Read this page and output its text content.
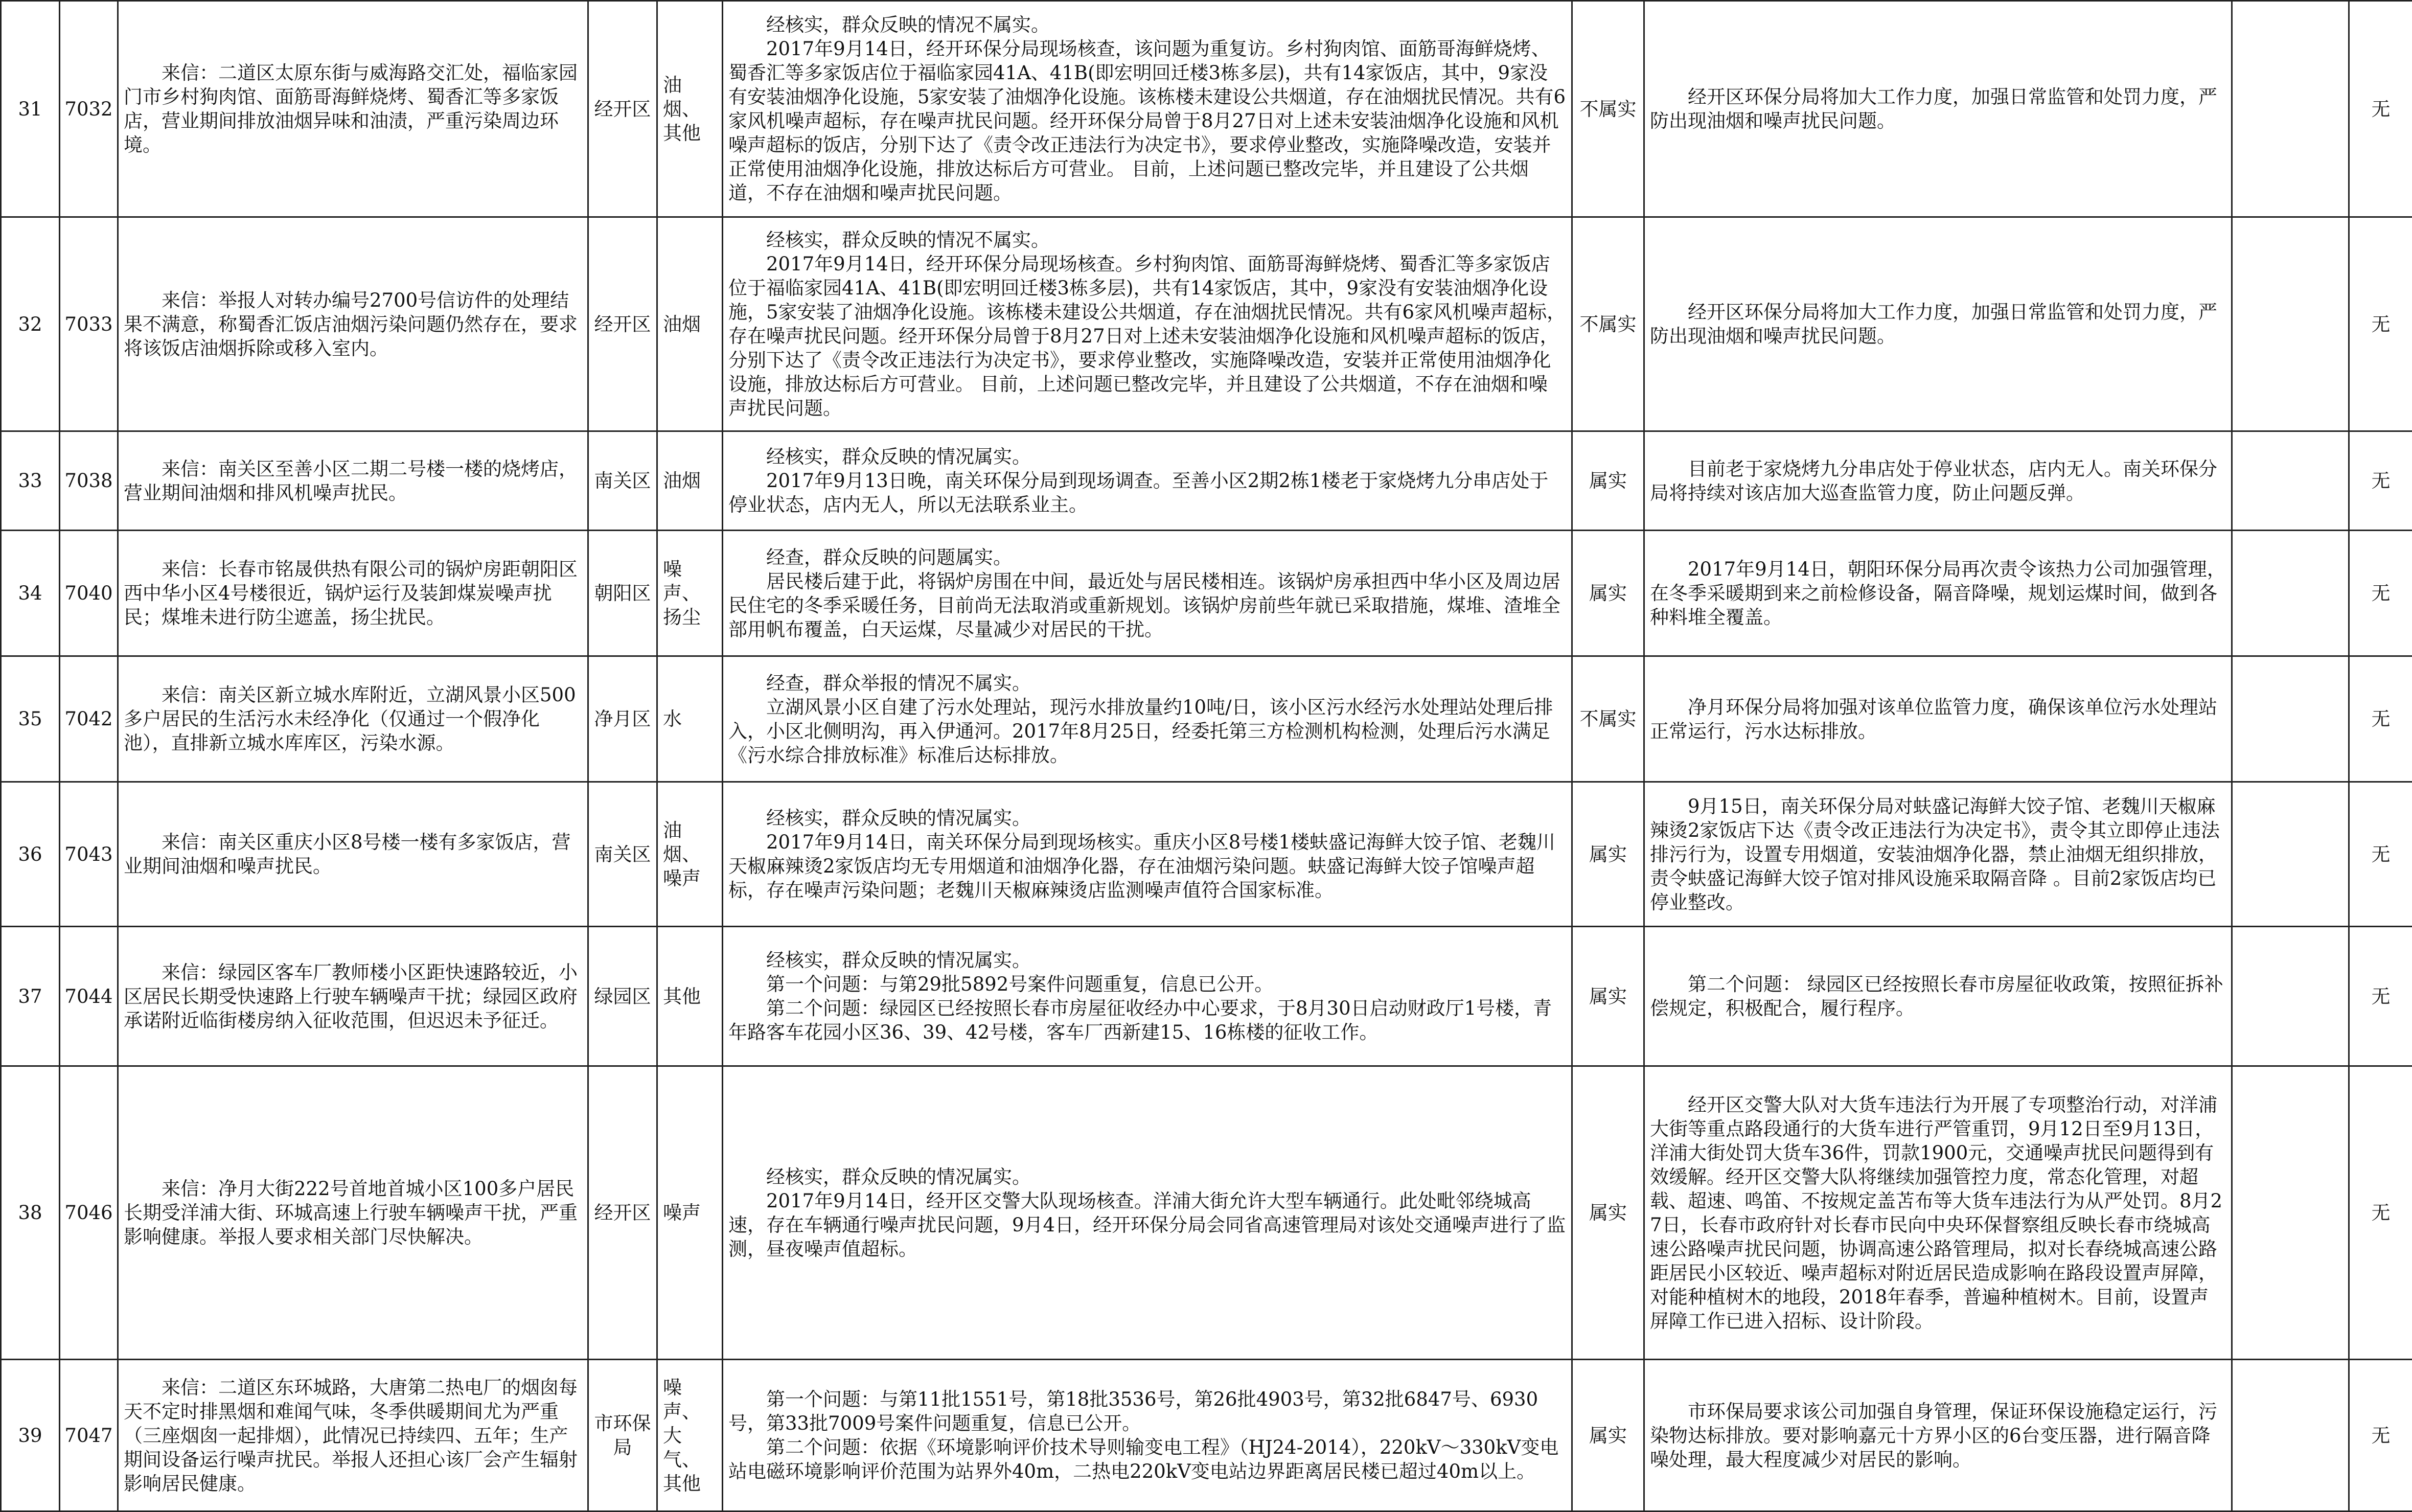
31	7032	来信：二道区太原东街与威海路交汇处，福临家园门市乡村狗肉馆、面筋哥海鲜烧烤、蜀香汇等多家饭店，营业期间排放油烟异味和油渍，严重污染周边环境。	经开区	油烟、其他	经核实，群众反映的情况不属实。

2017年9月14日，经开环保分局现场核查，该问题为重复访。乡村狗肉馆、面筋哥海鲜烧烤、蜀香汇等多家饭店位于福临家园41A、41B(即宏明回迁楼3栋多层)，共有14家饭店，其中，9家没有安装油烟净化设施，5家安装了油烟净化设施。该栋楼未建设公共烟道，存在油烟扰民情况。共有6家风机噪声超标，存在噪声扰民问题。经开环保分局曾于8月27日对上述未安装油烟净化设施和风机噪声超标的饭店，分别下达了《责令改正违法行为决定书》，要求停业整改，实施降噪改造，安装并正常使用油烟净化设施，排放达标后方可营业。 目前，上述问题已整改完毕，并且建设了公共烟道，不存在油烟和噪声扰民问题。	不属实	经开区环保分局将加大工作力度，加强日常监管和处罚力度，严防出现油烟和噪声扰民问题。		无
32	7033	来信：举报人对转办编号2700号信访件的处理结果不满意，称蜀香汇饭店油烟污染问题仍然存在，要求将该饭店油烟拆除或移入室内。	经开区	油烟	经核实，群众反映的情况不属实。

2017年9月14日，经开环保分局现场核查。乡村狗肉馆、面筋哥海鲜烧烤、蜀香汇等多家饭店位于福临家园41A、41B(即宏明回迁楼3栋多层)，共有14家饭店，其中，9家没有安装油烟净化设施，5家安装了油烟净化设施。该栋楼未建设公共烟道，存在油烟扰民情况。共有6家风机噪声超标，存在噪声扰民问题。经开环保分局曾于8月27日对上述未安装油烟净化设施和风机噪声超标的饭店，分别下达了《责令改正违法行为决定书》，要求停业整改，实施降噪改造，安装并正常使用油烟净化设施，排放达标后方可营业。 目前，上述问题已整改完毕，并且建设了公共烟道，不存在油烟和噪声扰民问题。	不属实	经开区环保分局将加大工作力度，加强日常监管和处罚力度，严防出现油烟和噪声扰民问题。		无
33	7038	来信：南关区至善小区二期二号楼一楼的烧烤店，营业期间油烟和排风机噪声扰民。	南关区	油烟	经核实，群众反映的情况属实。

2017年9月13日晚，南关环保分局到现场调查。至善小区2期2栋1楼老于家烧烤九分串店处于停业状态，店内无人，所以无法联系业主。	属实	目前老于家烧烤九分串店处于停业状态，店内无人。南关环保分局将持续对该店加大巡查监管力度，防止问题反弹。		无
34	7040	来信：长春市铭晟供热有限公司的锅炉房距朝阳区西中华小区4号楼很近，锅炉运行及装卸煤炭噪声扰民；煤堆未进行防尘遮盖，扬尘扰民。	朝阳区	噪声、扬尘	经查，群众反映的问题属实。

居民楼后建于此，将锅炉房围在中间，最近处与居民楼相连。该锅炉房承担西中华小区及周边居民住宅的冬季采暖任务，目前尚无法取消或重新规划。该锅炉房前些年就已采取措施，煤堆、渣堆全部用帆布覆盖，白天运煤，尽量减少对居民的干扰。	属实	2017年9月14日，朝阳环保分局再次责令该热力公司加强管理，在冬季采暖期到来之前检修设备，隔音降噪，规划运煤时间，做到各种料堆全覆盖。		无
35	7042	来信：南关区新立城水库附近，立湖风景小区500多户居民的生活污水未经净化（仅通过一个假净化池），直排新立城水库库区，污染水源。	净月区	水	经查，群众举报的情况不属实。

立湖风景小区自建了污水处理站，现污水排放量约10吨/日，该小区污水经污水处理站处理后排入，小区北侧明沟，再入伊通河。2017年8月25日，经委托第三方检测机构检测，处理后污水满足《污水综合排放标准》标准后达标排放。	不属实	净月环保分局将加强对该单位监管力度，确保该单位污水处理站正常运行，污水达标排放。		无
36	7043	来信：南关区重庆小区8号楼一楼有多家饭店，营业期间油烟和噪声扰民。	南关区	油烟、噪声	经核实，群众反映的情况属实。

2017年9月14日，南关环保分局到现场核实。重庆小区8号楼1楼蚨盛记海鲜大饺子馆、老魏川天椒麻辣烫2家饭店均无专用烟道和油烟净化器，存在油烟污染问题。蚨盛记海鲜大饺子馆噪声超标，存在噪声污染问题；老魏川天椒麻辣烫店监测噪声值符合国家标准。	属实	9月15日，南关环保分局对蚨盛记海鲜大饺子馆、老魏川天椒麻辣烫2家饭店下达《责令改正违法行为决定书》，责令其立即停止违法排污行为，设置专用烟道，安装油烟净化器，禁止油烟无组织排放，责令蚨盛记海鲜大饺子馆对排风设施采取隔音降 。目前2家饭店均已停业整改。		无
37	7044	来信：绿园区客车厂教师楼小区距快速路较近，小区居民长期受快速路上行驶车辆噪声干扰；绿园区政府承诺附近临街楼房纳入征收范围，但迟迟未予征迁。	绿园区	其他	经核实，群众反映的情况属实。

第一个问题：与第29批5892号案件问题重复，信息已公开。

第二个问题：绿园区已经按照长春市房屋征收经办中心要求，于8月30日启动财政厅1号楼，青年路客车花园小区36、39、42号楼，客车厂西新建15、16栋楼的征收工作。	属实	第二个问题： 绿园区已经按照长春市房屋征收政策，按照征拆补偿规定，积极配合，履行程序。		无
38	7046	来信：净月大街222号首地首城小区100多户居民长期受洋浦大街、环城高速上行驶车辆噪声干扰，严重影响健康。举报人要求相关部门尽快解决。	经开区	噪声	经核实，群众反映的情况属实。

2017年9月14日，经开区交警大队现场核查。洋浦大街允许大型车辆通行。此处毗邻绕城高速，存在车辆通行噪声扰民问题，9月4日，经开环保分局会同省高速管理局对该处交通噪声进行了监测，昼夜噪声值超标。	属实	经开区交警大队对大货车违法行为开展了专项整治行动，对洋浦大街等重点路段通行的大货车进行严管重罚，9月12日至9月13日，洋浦大街处罚大货车36件，罚款1900元，交通噪声扰民问题得到有效缓解。经开区交警大队将继续加强管控力度，常态化管理，对超载、超速、鸣笛、不按规定盖苫布等大货车违法行为从严处罚。8月27日，长春市政府针对长春市民向中央环保督察组反映长春市绕城高速公路噪声扰民问题，协调高速公路管理局，拟对长春绕城高速公路距居民小区较近、噪声超标对附近居民造成影响在路段设置声屏障，对能种植树木的地段，2018年春季，普遍种植树木。目前，设置声屏障工作已进入招标、设计阶段。		无
39	7047	来信：二道区东环城路，大唐第二热电厂的烟囱每天不定时排黑烟和难闻气味，冬季供暖期间尤为严重（三座烟囱一起排烟），此情况已持续四、五年；生产期间设备运行噪声扰民。举报人还担心该厂会产生辐射影响居民健康。	市环保局	噪声、大气、其他	第一个问题：与第11批1551号，第18批3536号，第26批4903号，第32批6847号、6930号，第33批7009号案件问题重复，信息已公开。

第二个问题：依据《环境影响评价技术导则输变电工程》（HJ24-2014），220kV～330kV变电站电磁环境影响评价范围为站界外40m，二热电220kV变电站边界距离居民楼已超过40m以上。	属实	市环保局要求该公司加强自身管理，保证环保设施稳定运行，污染物达标排放。要对影响嘉元十方界小区的6台变压器，进行隔音降噪处理，最大程度减少对居民的影响。		无
